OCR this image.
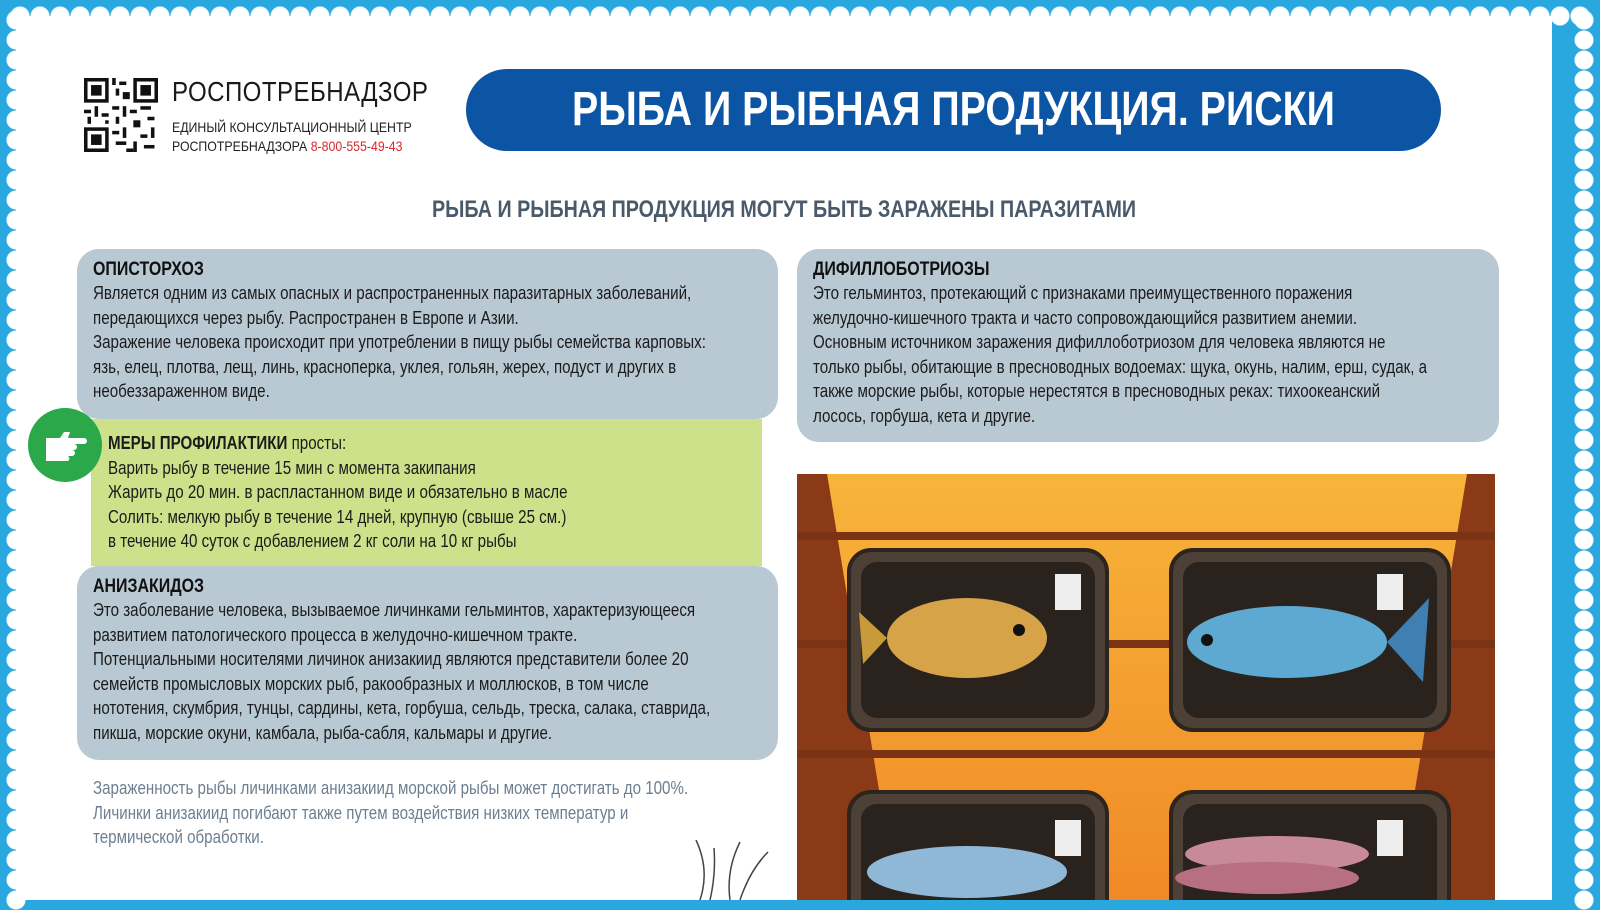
РОСПОТРЕБНАДЗОР
ЕДИНЫЙ КОНСУЛЬТАЦИОННЫЙ ЦЕНТР
РОСПОТРЕБНАДЗОРА 8-800-555-49-43
РЫБА И РЫБНАЯ ПРОДУКЦИЯ. РИСКИ
РЫБА И РЫБНАЯ ПРОДУКЦИЯ МОГУТ БЫТЬ ЗАРАЖЕНЫ ПАРАЗИТАМИ
ОПИСТОРХОЗ
Является одним из самых опасных и распространенных паразитарных заболеваний,
передающихся через рыбу. Распространен в Европе и Азии.
Заражение человека происходит при употреблении в пищу рыбы семейства карповых:
язь, елец, плотва, лещ, линь, красноперка, уклея, гольян, жерех, подуст и других в
необеззараженном виде.
МЕРЫ ПРОФИЛАКТИКИ просты:
Варить рыбу в течение 15 мин с момента закипания
Жарить до 20 мин. в распластанном виде и обязательно в масле
Солить: мелкую рыбу в течение 14 дней, крупную (свыше 25 см.)
в течение 40 суток с добавлением 2 кг соли на 10 кг рыбы
АНИЗАКИДОЗ
Это заболевание человека, вызываемое личинками гельминтов, характеризующееся
развитием патологического процесса в желудочно-кишечном тракте.
Потенциальными носителями личинок анизакиид являются представители более 20
семейств промысловых морских рыб, ракообразных и моллюсков, в том числе
нототения, скумбрия, тунцы, сардины, кета, горбуша, сельдь, треска, салака, ставрида,
пикша, морские окуни, камбала, рыба-сабля, кальмары и другие.
ДИФИЛЛОБОТРИОЗЫ
Это гельминтоз, протекающий с признаками преимущественного поражения
желудочно-кишечного тракта и часто сопровождающийся развитием анемии.
Основным источником заражения дифиллоботриозом для человека являются не
только рыбы, обитающие в пресноводных водоемах: щука, окунь, налим, ерш, судак, а
также морские рыбы, которые нерестятся в пресноводных реках: тихоокеанский
лосось, горбуша, кета и другие.
Зараженность рыбы личинками анизакиид морской рыбы может достигать до 100%.
Личинки анизакиид погибают также путем воздействия низких температур и
термической обработки.
